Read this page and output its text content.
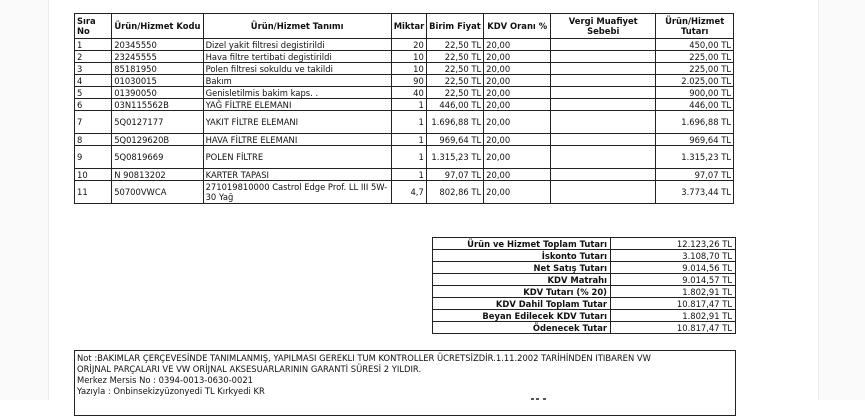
Sıra No	Ürün/Hizmet Kodu	Ürün/Hizmet Tanımı	Miktar	Birim Fiyat	KDV Oranı %	Vergi Muafiyet Sebebi	Ürün/Hizmet Tutarı
1	20345550	Dizel yakit filtresi degistirildi	20	22,50 TL	20,00		450,00 TL
2	23245555	Hava filtre tertibati degistirildi	10	22,50 TL	20,00		225,00 TL
3	85181950	Polen filtresi sokuldu ve takildi	10	22,50 TL	20,00		225,00 TL
4	01030015	Bakım	90	22,50 TL	20,00		2.025,00 TL
5	01390050	Genisletilmis bakim kaps. .	40	22,50 TL	20,00		900,00 TL
6	03N115562B	YAĞ FİLTRE ELEMANI	1	446,00 TL	20,00		446,00 TL
7	5Q0127177	YAKIT FİLTRE ELEMANI	1	1.696,88 TL	20,00		1.696,88 TL
8	5Q0129620B	HAVA FİLTRE ELEMANI	1	969,64 TL	20,00		969,64 TL
9	5Q0819669	POLEN FİLTRE	1	1.315,23 TL	20,00		1.315,23 TL
10	N 90813202	KARTER TAPASI	1	97,07 TL	20,00		97,07 TL
11	50700VWCA	271019810000 Castrol Edge Prof. LL III 5W-30 Yağ	4,7	802,86 TL	20,00		3.773,44 TL
Ürün ve Hizmet Toplam Tutarı	12.123,26 TL
İskonto Tutarı	3.108,70 TL
Net Satış Tutarı	9.014,56 TL
KDV Matrahı	9.014,57 TL
KDV Tutarı (% 20)	1.802,91 TL
KDV Dahil Toplam Tutar	10.817,47 TL
Beyan Edilecek KDV Tutarı	1.802,91 TL
Ödenecek Tutar	10.817,47 TL
Not :BAKIMLAR ÇERÇEVESİNDE TANIMLANMIŞ, YAPILMASI GEREKLI TUM KONTROLLER ÜCRETSİZDİR.1.11.2002 TARİHİNDEN ITIBAREN VW
ORİJNAL PARÇALARI VE VW ORİJNAL AKSESUARLARININ GARANTİ SÜRESİ 2 YILDIR.
Merkez Mersis No : 0394-0013-0630-0021
Yazıyla : Onbinsekizyüzonyedi TL Kırkyedi KR
